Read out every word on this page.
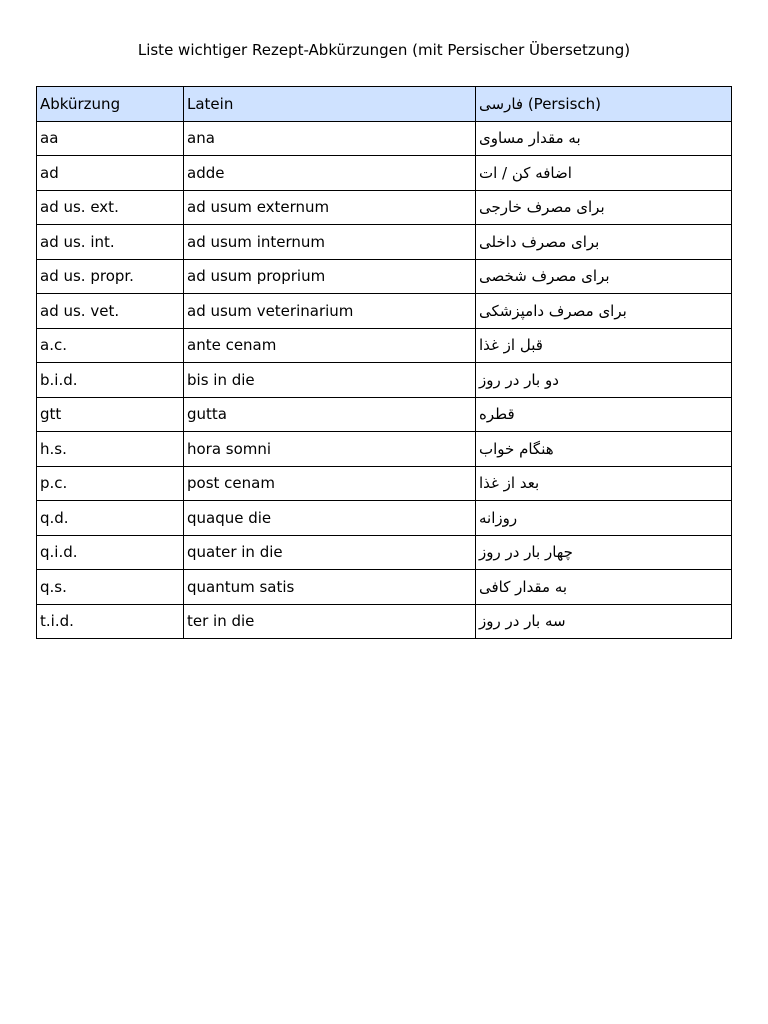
Liste wichtiger Rezept-Abkürzungen (mit Persischer Übersetzung)
Abkürzung	Latein	فارسی (Persisch)
aa	ana	به مقدار مساوی
ad	adde	اضافه کن / ات
ad us. ext.	ad usum externum	برای مصرف خارجی
ad us. int.	ad usum internum	برای مصرف داخلی
ad us. propr.	ad usum proprium	برای مصرف شخصی
ad us. vet.	ad usum veterinarium	برای مصرف دامپزشکی
a.c.	ante cenam	قبل از غذا
b.i.d.	bis in die	دو بار در روز
gtt	gutta	قطره
h.s.	hora somni	هنگام خواب
p.c.	post cenam	بعد از غذا
q.d.	quaque die	روزانه
q.i.d.	quater in die	چهار بار در روز
q.s.	quantum satis	به مقدار کافی
t.i.d.	ter in die	سه بار در روز
